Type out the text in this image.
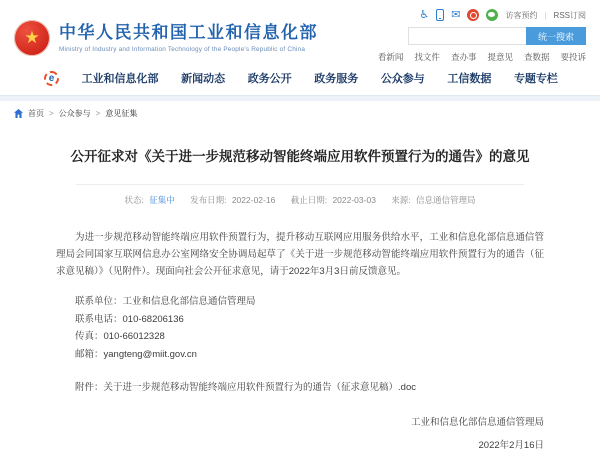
★ 中华人民共和国工业和信息化部
Ministry of Industry and Information Technology of the People's Republic of China
♿ ✉	访客预约 | RSS订阅
统一搜索
看新闻 找文件 查办事 提意见 查数据 要投诉
e	工业和信息化部 新闻动态 政务公开 政务服务 公众参与 工信数据 专题专栏
首页 > 公众参与 > 意见征集
公开征求对《关于进一步规范移动智能终端应用软件预置行为的通告》的意见
状态: 征集中 发布日期: 2022-02-16 截止日期: 2022-03-03 来源: 信息通信管理局

为进一步规范移动智能终端应用软件预置行为，提升移动互联网应用服务供给水平，工业和信息化部信息通信管理局会同国家互联网信息办公室网络安全协调局起草了《关于进一步规范移动智能终端应用软件预置行为的通告（征求意见稿）》（见附件）。现面向社会公开征求意见，请于2022年3月3日前反馈意见。

联系单位：工业和信息化部信息通信管理局

联系电话：010-68206136

传真：010-66012328

邮箱：yangteng@miit.gov.cn

附件：关于进一步规范移动智能终端应用软件预置行为的通告（征求意见稿）.doc

工业和信息化部信息通信管理局
2022年2月16日
